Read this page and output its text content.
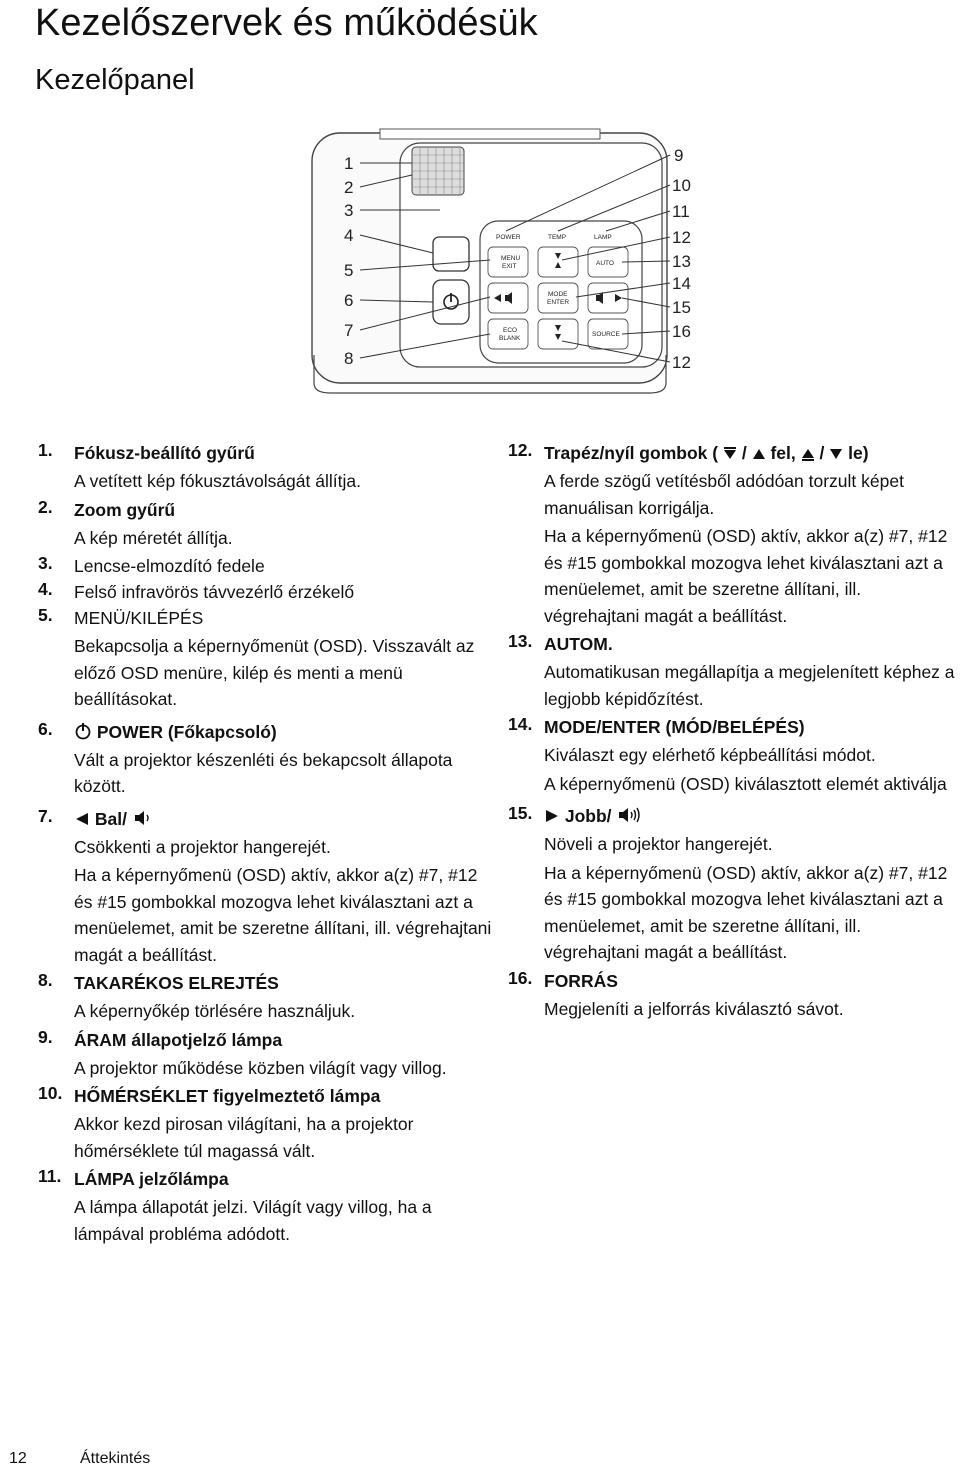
Kezelőszervek és működésük
Kezelőpanel
POWER	TEMP	LAMP
MENU
EXIT	AUTO
MODE
ENTER
ECO
BLANK
SOURCE
1
2
3
4
5
6
7
8
9
10
11
12
13
14
15
16
12
1. Fókusz-beállító gyűrű

A vetített kép fókusztávolságát állítja.

2. Zoom gyűrű

A kép méretét állítja.

3. Lencse-elmozdító fedele
4. Felső infravörös távvezérlő érzékelő
5. MENÜ/KILÉPÉS

Bekapcsolja a képernyőmenüt (OSD). Visszavált az előző OSD menüre, kilép és menti a menü beállításokat.

6.	POWER (Főkapcsoló)

Vált a projektor készenléti és bekapcsolt állapota között.

7.	Bal/

Csökkenti a projektor hangerejét.

Ha a képernyőmenü (OSD) aktív, akkor a(z) #7, #12 és #15 gombokkal mozogva lehet kiválasztani azt a menüelemet, amit be szeretne állítani, ill. végrehajtani magát a beállítást.

8. TAKARÉKOS ELREJTÉS

A képernyőkép törlésére használjuk.

9. ÁRAM állapotjelző lámpa

A projektor működése közben világít vagy villog.

10. HŐMÉRSÉKLET figyelmeztető lámpa

Akkor kezd pirosan világítani, ha a projektor hőmérséklete túl magassá vált.

11. LÁMPA jelzőlámpa

A lámpa állapotát jelzi. Világít vagy villog, ha a lámpával probléma adódott.

12. Trapéz/nyíl gombok ( / fel, / le)

A ferde szögű vetítésből adódóan torzult képet manuálisan korrigálja.

Ha a képernyőmenü (OSD) aktív, akkor a(z) #7, #12 és #15 gombokkal mozogva lehet kiválasztani azt a menüelemet, amit be szeretne állítani, ill. végrehajtani magát a beállítást.

13. AUTOM.

Automatikusan megállapítja a megjelenített képhez a legjobb képidőzítést.

14. MODE/ENTER (MÓD/BELÉPÉS)

Kiválaszt egy elérhető képbeállítási módot.

A képernyőmenü (OSD) kiválasztott elemét aktiválja

15.	Jobb/

Növeli a projektor hangerejét.

Ha a képernyőmenü (OSD) aktív, akkor a(z) #7, #12 és #15 gombokkal mozogva lehet kiválasztani azt a menüelemet, amit be szeretne állítani, ill. végrehajtani magát a beállítást.

16. FORRÁS

Megjeleníti a jelforrás kiválasztó sávot.

12	Áttekintés
